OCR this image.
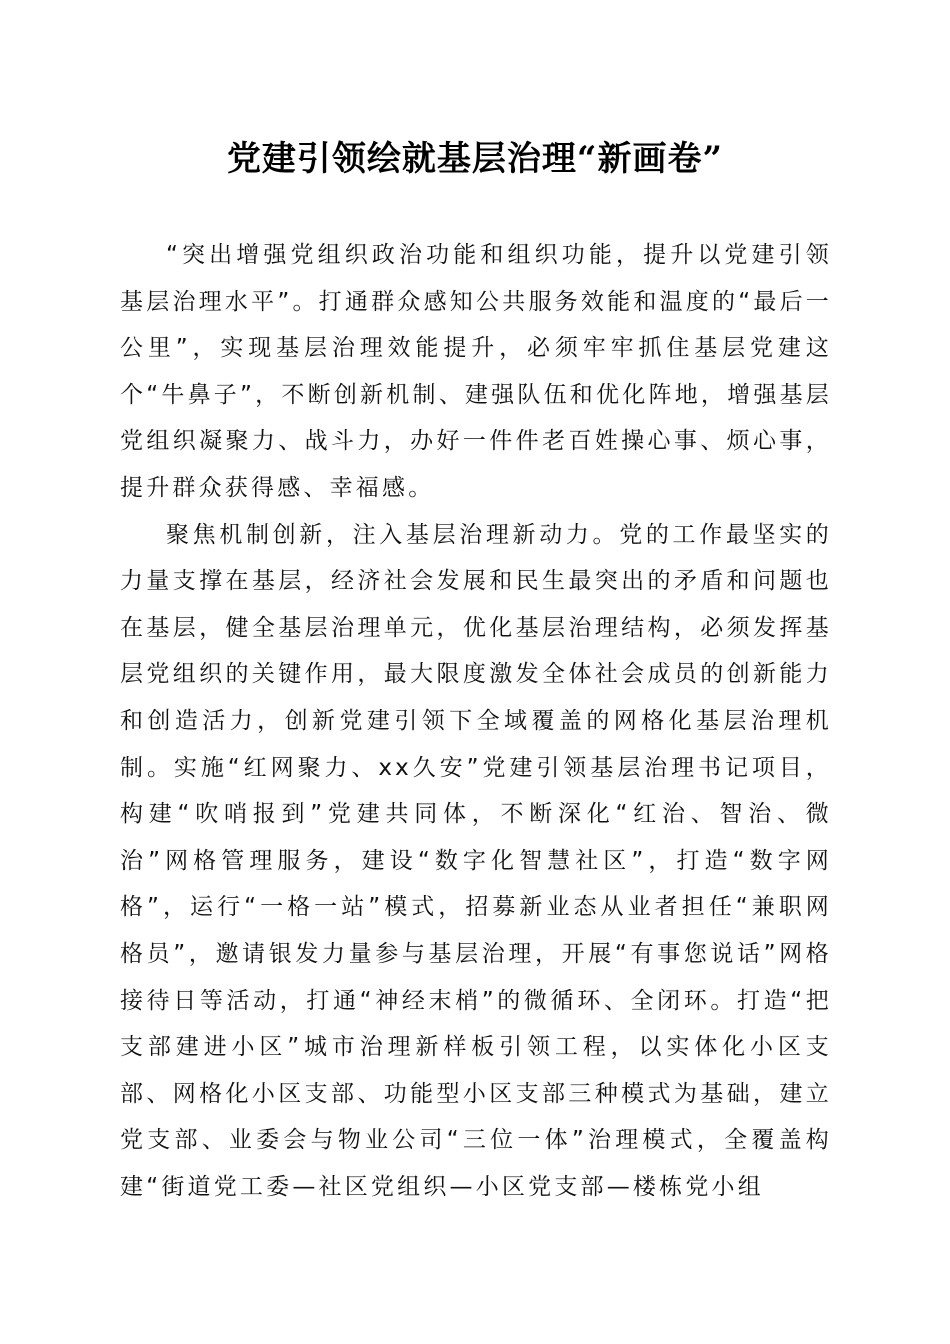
党建引领绘就基层治理“新画卷”

“突出增强党组织政治功能和组织功能，提升以党建引领基层治理水平”。打通群众感知公共服务效能和温度的“最后一公里”，实现基层治理效能提升，必须牢牢抓住基层党建这个“牛鼻子”，不断创新机制、建强队伍和优化阵地，增强基层党组织凝聚力、战斗力，办好一件件老百姓操心事、烦心事，提升群众获得感、幸福感。

聚焦机制创新，注入基层治理新动力。党的工作最坚实的力量支撑在基层，经济社会发展和民生最突出的矛盾和问题也在基层，健全基层治理单元，优化基层治理结构，必须发挥基层党组织的关键作用，最大限度激发全体社会成员的创新能力和创造活力，创新党建引领下全域覆盖的网格化基层治理机制。实施“红网聚力、xx久安”党建引领基层治理书记项目，构建“吹哨报到”党建共同体，不断深化“红治、智治、微治”网格管理服务，建设“数字化智慧社区”，打造“数字网格”，运行“一格一站”模式，招募新业态从业者担任“兼职网格员”，邀请银发力量参与基层治理，开展“有事您说话”网格接待日等活动，打通“神经末梢”的微循环、全闭环。打造“把支部建进小区”城市治理新样板引领工程，以实体化小区支部、网格化小区支部、功能型小区支部三种模式为基础，建立党支部、业委会与物业公司“三位一体”治理模式，全覆盖构建“街道党工委—社区党组织—小区党支部—楼栋党小组
